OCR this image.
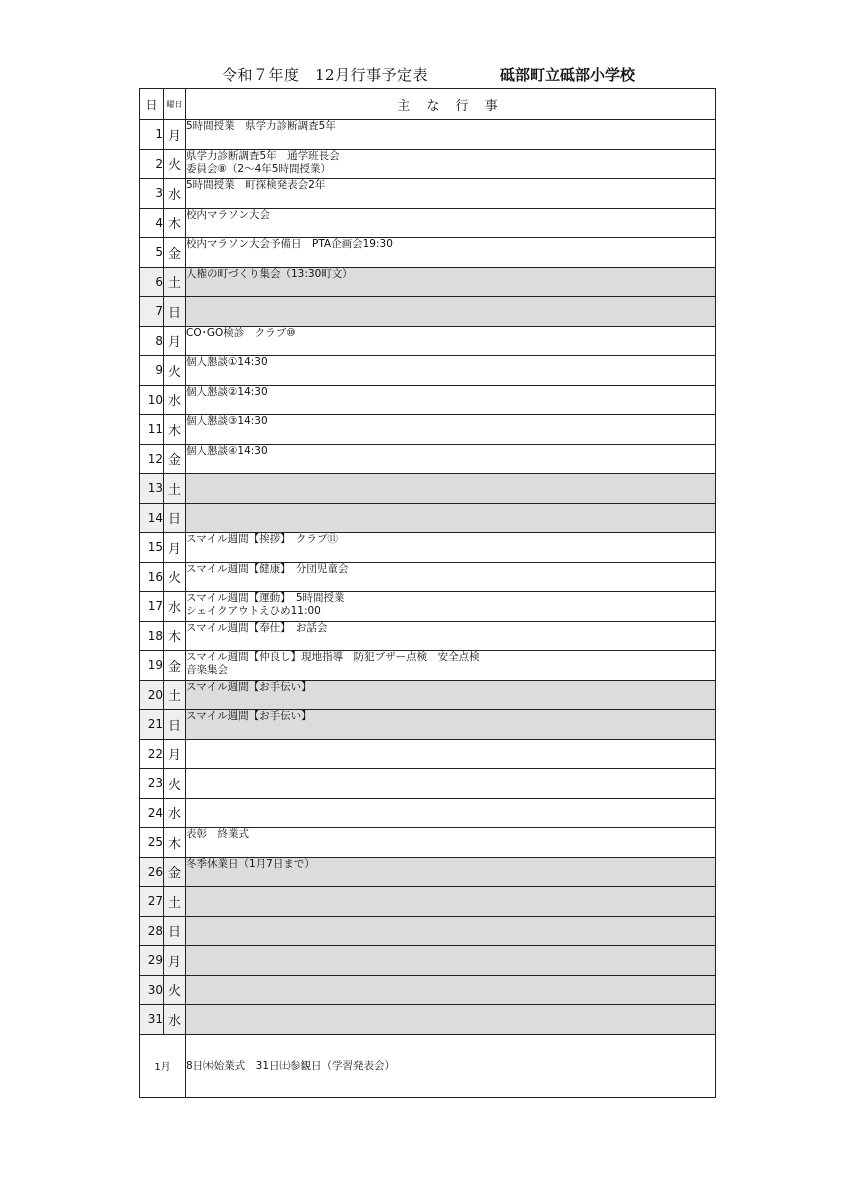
令和７年度　12月行事予定表	砥部町立砥部小学校
日	曜日	主 な 行 事
1	月	5時間授業　県学力診断調査5年
2	火	県学力診断調査5年　通学班長会
委員会⑧（2～4年5時間授業）
3	水	5時間授業　町探検発表会2年
4	木	校内マラソン大会
5	金	校内マラソン大会予備日　PTA企画会19:30
6	土	人権の町づくり集会（13:30町文）
7	日	
8	月	CO･GO検診　クラブ⑩
9	火	個人懇談①14:30
10	水	個人懇談②14:30
11	木	個人懇談③14:30
12	金	個人懇談④14:30
13	土	
14	日	
15	月	スマイル週間【挨拶】　クラブ⑪
16	火	スマイル週間【健康】　分団児童会
17	水	スマイル週間【運動】　5時間授業
シェイクアウトえひめ11:00
18	木	スマイル週間【奉仕】　お話会
19	金	スマイル週間【仲良し】現地指導　防犯ブザー点検　安全点検
音楽集会
20	土	スマイル週間【お手伝い】
21	日	スマイル週間【お手伝い】
22	月	
23	火	
24	水	
25	木	表彰　終業式
26	金	冬季休業日（1月7日まで）
27	土	
28	日	
29	月	
30	火	
31	水	
1月		8日㈭始業式　31日㈯参観日（学習発表会）
